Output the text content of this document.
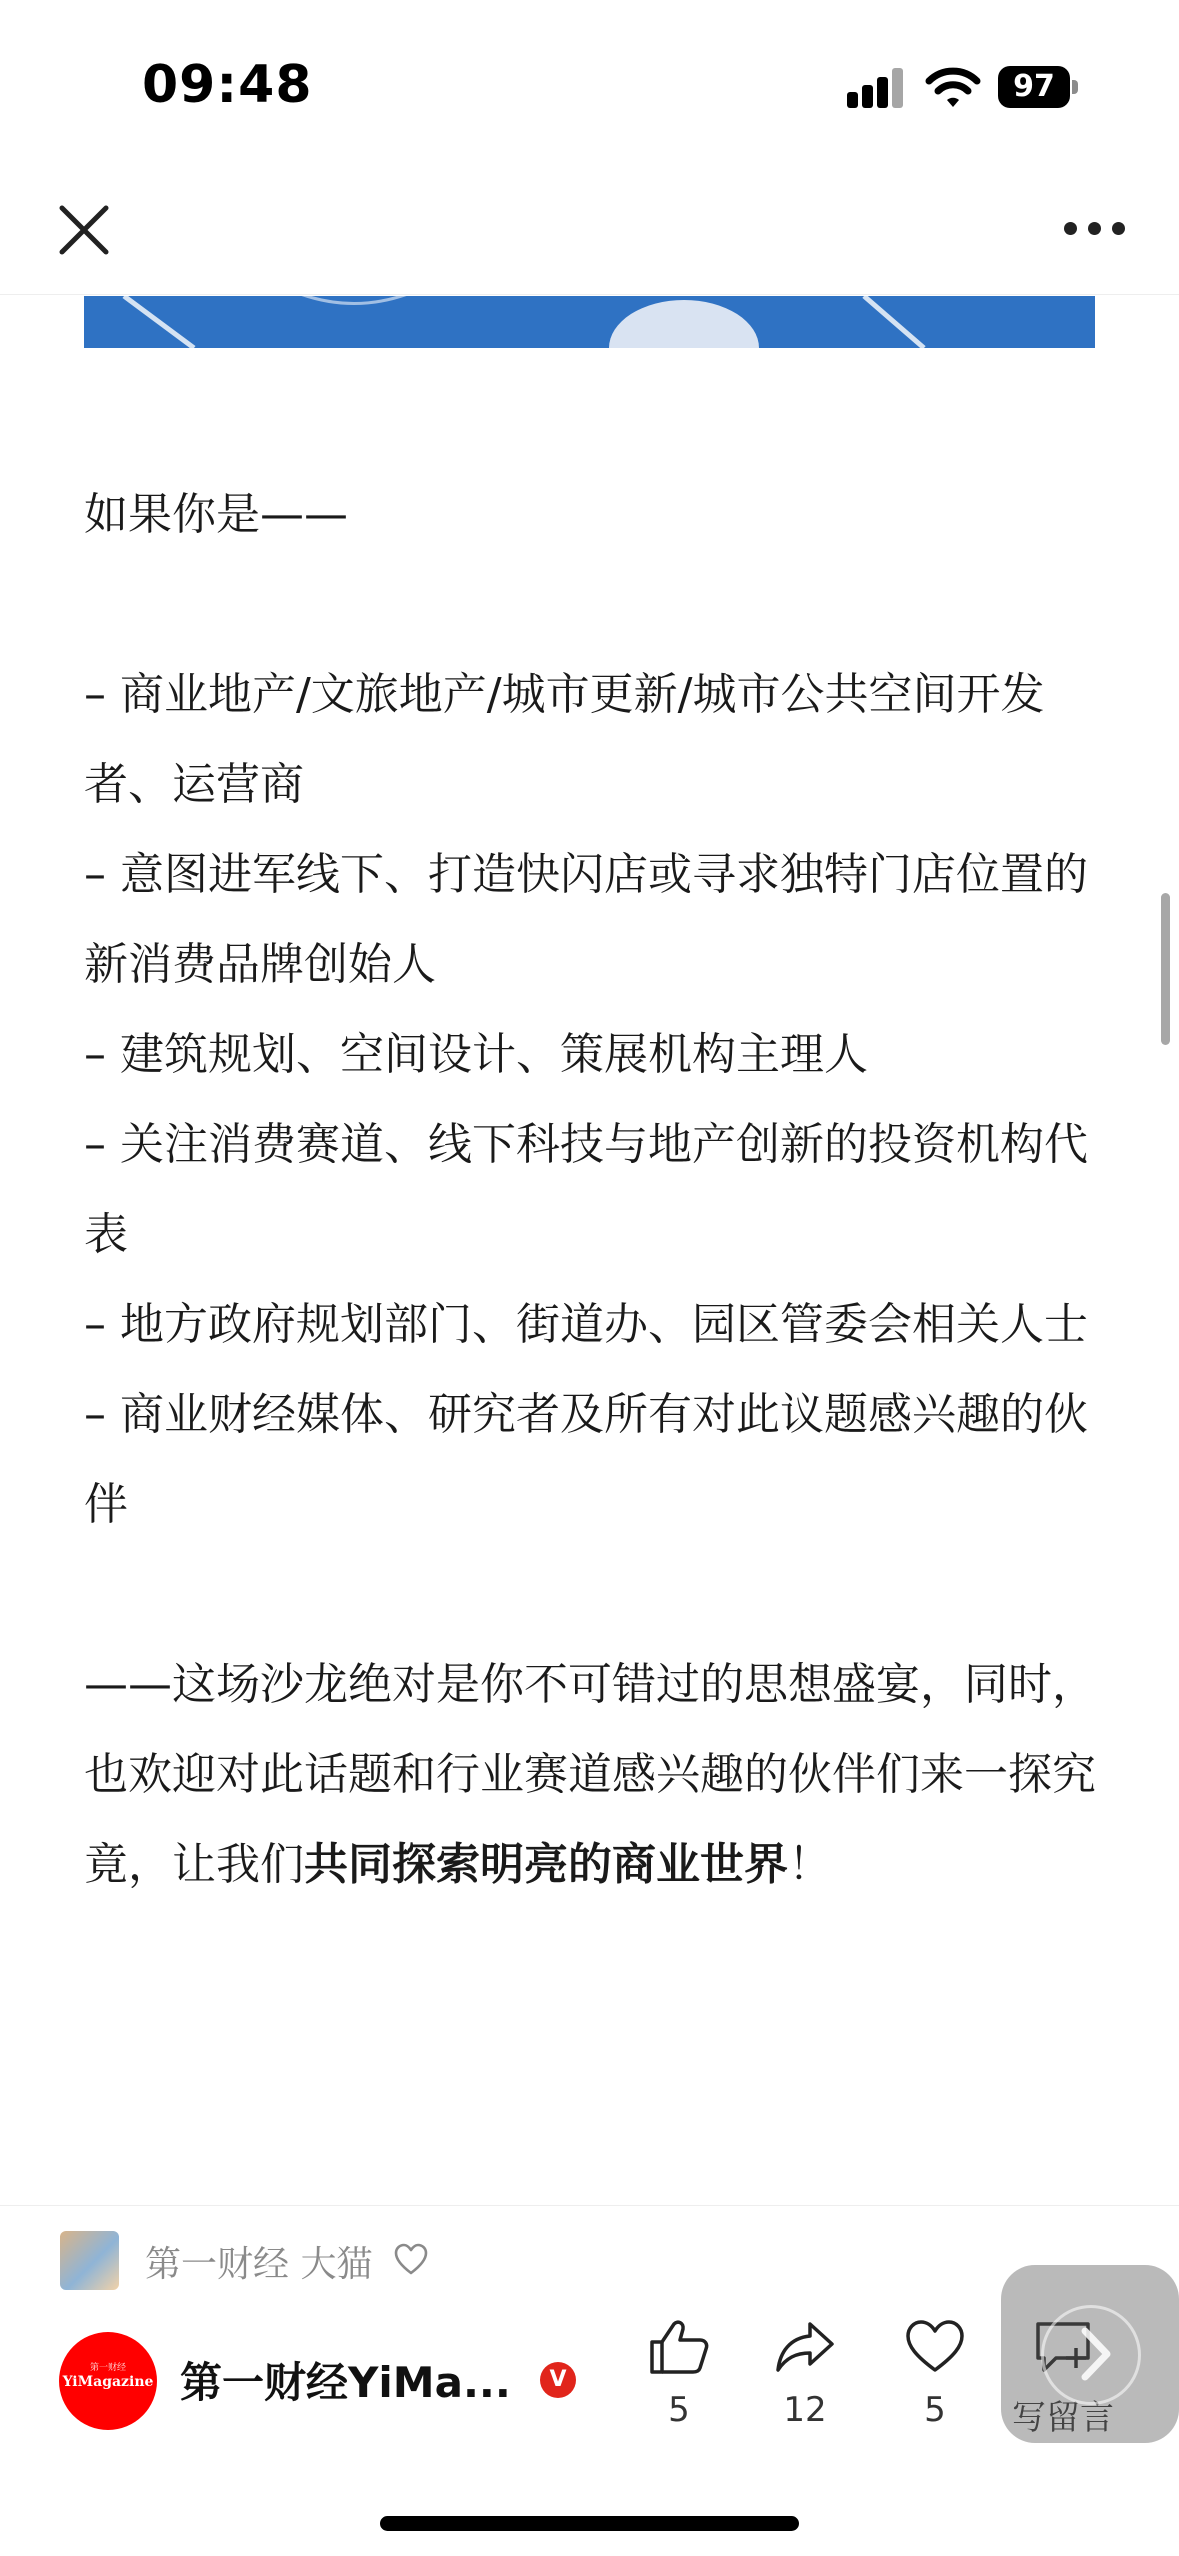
09:48	97
如果你是——
– 商业地产/文旅地产/城市更新/城市公共空间开发者、运营商
– 意图进军线下、打造快闪店或寻求独特门店位置的新消费品牌创始人
– 建筑规划、空间设计、策展机构主理人
– 关注消费赛道、线下科技与地产创新的投资机构代表
– 地方政府规划部门、街道办、园区管委会相关人士
– 商业财经媒体、研究者及所有对此议题感兴趣的伙伴
——这场沙龙绝对是你不可错过的思想盛宴，同时，也欢迎对此话题和行业赛道感兴趣的伙伴们来一探究竟，让我们共同探索明亮的商业世界！
第一财经 大猫
第一财经
YiMagazine 第一财经YiMa...	V
5	12	5	写留言
